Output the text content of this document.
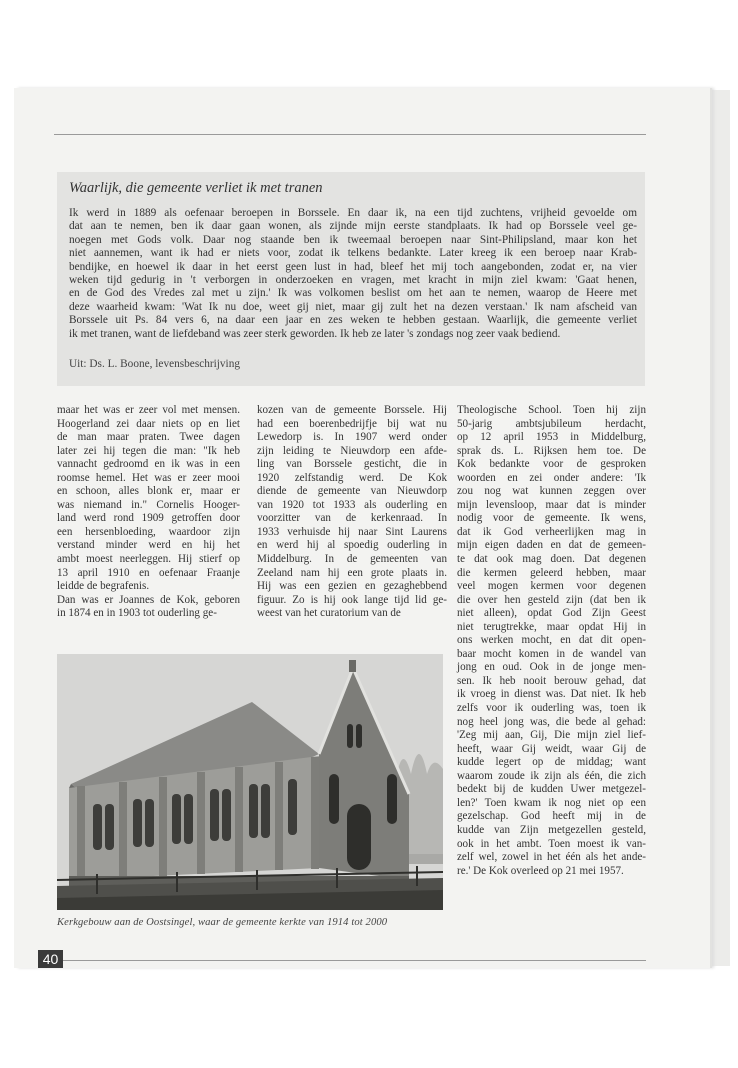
Waarlijk, die gemeente verliet ik met tranen
Ik werd in 1889 als oefenaar beroepen in Borssele. En daar ik, na een tijd zuchtens, vrijheid gevoelde om
dat aan te nemen, ben ik daar gaan wonen, als zijnde mijn eerste standplaats. Ik had op Borssele veel ge-
noegen met Gods volk. Daar nog staande ben ik tweemaal beroepen naar Sint-Philipsland, maar kon het
niet aannemen, want ik had er niets voor, zodat ik telkens bedankte. Later kreeg ik een beroep naar Krab-
bendijke, en hoewel ik daar in het eerst geen lust in had, bleef het mij toch aangebonden, zodat er, na vier
weken tijd gedurig in 't verborgen in onderzoeken en vragen, met kracht in mijn ziel kwam: 'Gaat henen,
en de God des Vredes zal met u zijn.' Ik was volkomen beslist om het aan te nemen, waarop de Heere met
deze waarheid kwam: 'Wat Ik nu doe, weet gij niet, maar gij zult het na dezen verstaan.' Ik nam afscheid van
Borssele uit Ps. 84 vers 6, na daar een jaar en zes weken te hebben gestaan. Waarlijk, die gemeente verliet
ik met tranen, want de liefdeband was zeer sterk geworden. Ik heb ze later 's zondags nog zeer vaak bediend.
Uit: Ds. L. Boone, levensbeschrijving
maar het was er zeer vol met mensen.
Hoogerland zei daar niets op en liet
de man maar praten. Twee dagen
later zei hij tegen die man: "Ik heb
vannacht gedroomd en ik was in een
roomse hemel. Het was er zeer mooi
en schoon, alles blonk er, maar er
was niemand in." Cornelis Hooger-
land werd rond 1909 getroffen door
een hersenbloeding, waardoor zijn
verstand minder werd en hij het
ambt moest neerleggen. Hij stierf op
13 april 1910 en oefenaar Fraanje
leidde de begrafenis.
Dan was er Joannes de Kok, geboren
in 1874 en in 1903 tot ouderling ge-
kozen van de gemeente Borssele. Hij
had een boerenbedrijfje bij wat nu
Lewedorp is. In 1907 werd onder
zijn leiding te Nieuwdorp een afde-
ling van Borssele gesticht, die in
1920 zelfstandig werd. De Kok
diende de gemeente van Nieuwdorp
van 1920 tot 1933 als ouderling en
voorzitter van de kerkenraad. In
1933 verhuisde hij naar Sint Laurens
en werd hij al spoedig ouderling in
Middelburg. In de gemeenten van
Zeeland nam hij een grote plaats in.
Hij was een gezien en gezaghebbend
figuur. Zo is hij ook lange tijd lid ge-
weest van het curatorium van de
Theologische School. Toen hij zijn
50-jarig ambtsjubileum herdacht,
op 12 april 1953 in Middelburg,
sprak ds. L. Rijksen hem toe. De
Kok bedankte voor de gesproken
woorden en zei onder andere: 'Ik
zou nog wat kunnen zeggen over
mijn levensloop, maar dat is minder
nodig voor de gemeente. Ik wens,
dat ik God verheerlijken mag in
mijn eigen daden en dat de gemeen-
te dat ook mag doen. Dat degenen
die kermen geleerd hebben, maar
veel mogen kermen voor degenen
die over hen gesteld zijn (dat ben ik
niet alleen), opdat God Zijn Geest
niet terugtrekke, maar opdat Hij in
ons werken mocht, en dat dit open-
baar mocht komen in de wandel van
jong en oud. Ook in de jonge men-
sen. Ik heb nooit berouw gehad, dat
ik vroeg in dienst was. Dat niet. Ik heb
zelfs voor ik ouderling was, toen ik
nog heel jong was, die bede al gehad:
'Zeg mij aan, Gij, Die mijn ziel lief-
heeft, waar Gij weidt, waar Gij de
kudde legert op de middag; want
waarom zoude ik zijn als één, die zich
bedekt bij de kudden Uwer metgezel-
len?' Toen kwam ik nog niet op een
gezelschap. God heeft mij in de
kudde van Zijn metgezellen gesteld,
ook in het ambt. Toen moest ik van-
zelf wel, zowel in het één als het ande-
re.' De Kok overleed op 21 mei 1957.
Kerkgebouw aan de Oostsingel, waar de gemeente kerkte van 1914 tot 2000
40
